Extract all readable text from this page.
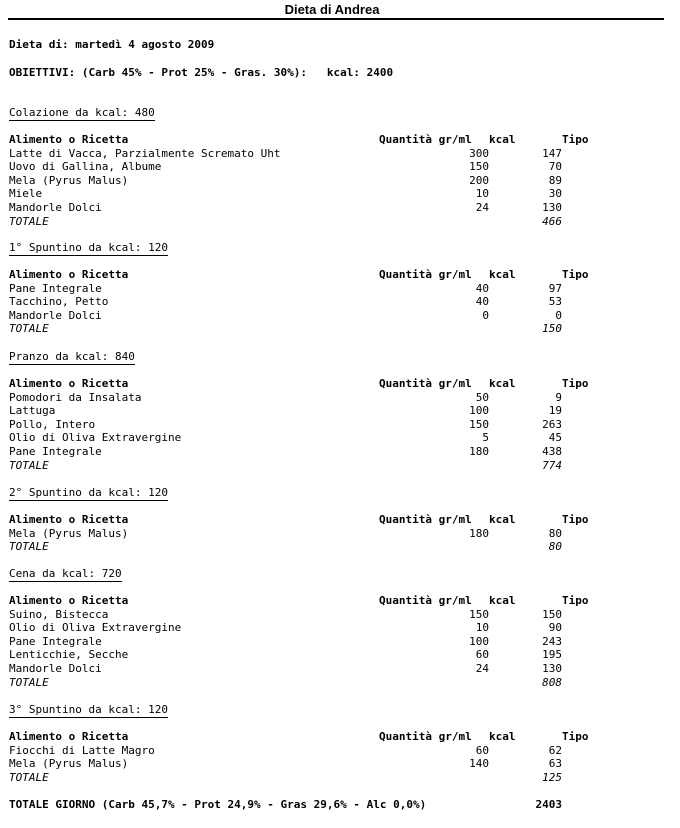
Dieta di Andrea
Dieta di: martedì 4 agosto 2009
OBIETTIVI: (Carb 45% - Prot 25% - Gras. 30%):   kcal: 2400
Colazione da kcal: 480
Alimento o Ricetta	Quantità gr/ml	kcal	Tipo
Latte di Vacca, Parzialmente Scremato Uht	300	147	
Uovo di Gallina, Albume	150	70	
Mela (Pyrus Malus)	200	89	
Miele	10	30	
Mandorle Dolci	24	130	
TOTALE		466	
1° Spuntino da kcal: 120
Alimento o Ricetta	Quantità gr/ml	kcal	Tipo
Pane Integrale	40	97	
Tacchino, Petto	40	53	
Mandorle Dolci	0	0	
TOTALE		150	
Pranzo da kcal: 840
Alimento o Ricetta	Quantità gr/ml	kcal	Tipo
Pomodori da Insalata	50	9	
Lattuga	100	19	
Pollo, Intero	150	263	
Olio di Oliva Extravergine	5	45	
Pane Integrale	180	438	
TOTALE		774	
2° Spuntino da kcal: 120
Alimento o Ricetta	Quantità gr/ml	kcal	Tipo
Mela (Pyrus Malus)	180	80	
TOTALE		80	
Cena da kcal: 720
Alimento o Ricetta	Quantità gr/ml	kcal	Tipo
Suino, Bistecca	150	150	
Olio di Oliva Extravergine	10	90	
Pane Integrale	100	243	
Lenticchie, Secche	60	195	
Mandorle Dolci	24	130	
TOTALE		808	
3° Spuntino da kcal: 120
Alimento o Ricetta	Quantità gr/ml	kcal	Tipo
Fiocchi di Latte Magro	60	62	
Mela (Pyrus Malus)	140	63	
TOTALE		125	
TOTALE GIORNO (Carb 45,7% - Prot 24,9% - Gras 29,6% - Alc 0,0%)	2403
